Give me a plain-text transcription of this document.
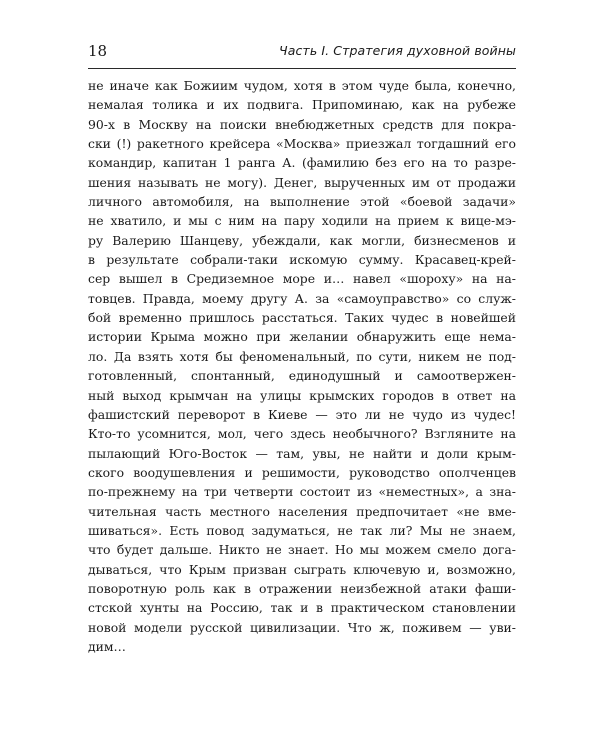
18	Часть I. Стратегия духовной войны
не иначе как Божиим чудом, хотя в этом чуде была, конечно,
немалая толика и их подвига. Припоминаю, как на рубеже
90-х в Москву на поиски внебюджетных средств для покра-
ски (!) ракетного крейсера «Москва» приезжал тогдашний его
командир, капитан 1 ранга А. (фамилию без его на то разре-
шения называть не могу). Денег, вырученных им от продажи
личного автомобиля, на выполнение этой «боевой задачи»
не хватило, и мы с ним на пару ходили на прием к вице-мэ-
ру Валерию Шанцеву, убеждали, как могли, бизнесменов и
в результате собрали-таки искомую сумму. Красавец-крей-
сер вышел в Средиземное море и… навел «шороху» на на-
товцев. Правда, моему другу А. за «самоуправство» со служ-
бой временно пришлось расстаться. Таких чудес в новейшей
истории Крыма можно при желании обнаружить еще нема-
ло. Да взять хотя бы феноменальный, по сути, никем не под-
готовленный, спонтанный, единодушный и самоотвержен-
ный выход крымчан на улицы крымских городов в ответ на
фашистский переворот в Киеве — это ли не чудо из чудес!
Кто-то усомнится, мол, чего здесь необычного? Взгляните на
пылающий Юго-Восток — там, увы, не найти и доли крым-
ского воодушевления и решимости, руководство ополченцев
по-прежнему на три четверти состоит из «неместных», а зна-
чительная часть местного населения предпочитает «не вме-
шиваться». Есть повод задуматься, не так ли? Мы не знаем,
что будет дальше. Никто не знает. Но мы можем смело дога-
дываться, что Крым призван сыграть ключевую и, возможно,
поворотную роль как в отражении неизбежной атаки фаши-
стской хунты на Россию, так и в практическом становлении
новой модели русской цивилизации. Что ж, поживем — уви-
дим…
